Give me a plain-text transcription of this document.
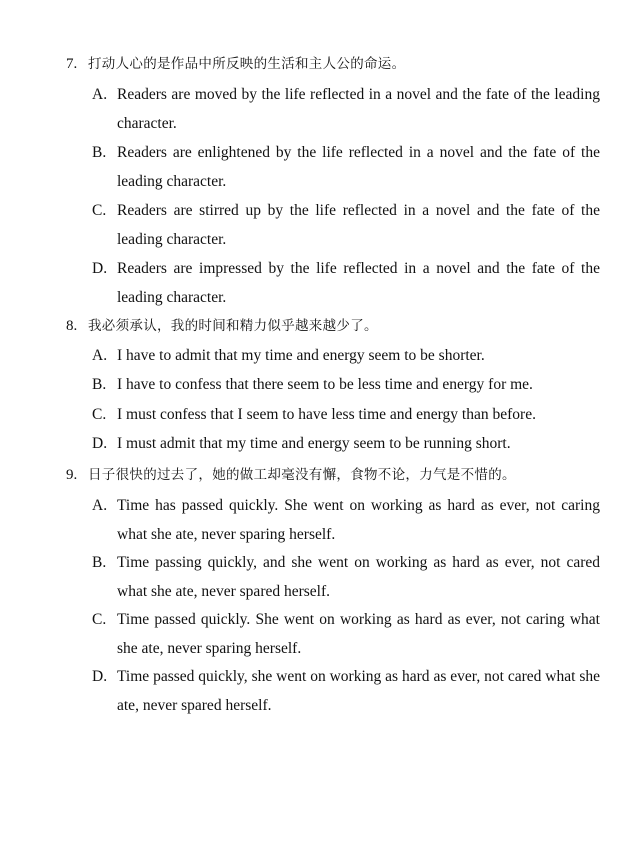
7. 打动人心的是作品中所反映的生活和主人公的命运。
A. Readers are moved by the life reflected in a novel and the fate of the leading character.
B. Readers are enlightened by the life reflected in a novel and the fate of the leading character.
C. Readers are stirred up by the life reflected in a novel and the fate of the leading character.
D. Readers are impressed by the life reflected in a novel and the fate of the leading character.
8. 我必须承认，我的时间和精力似乎越来越少了。
A. I have to admit that my time and energy seem to be shorter.
B. I have to confess that there seem to be less time and energy for me.
C. I must confess that I seem to have less time and energy than before.
D. I must admit that my time and energy seem to be running short.
9. 日子很快的过去了，她的做工却毫没有懈，食物不论，力气是不惜的。
A. Time has passed quickly. She went on working as hard as ever, not caring what she ate, never sparing herself.
B. Time passing quickly, and she went on working as hard as ever, not cared what she ate, never spared herself.
C. Time passed quickly. She went on working as hard as ever, not caring what she ate, never sparing herself.
D. Time passed quickly, she went on working as hard as ever, not cared what she ate, never spared herself.
